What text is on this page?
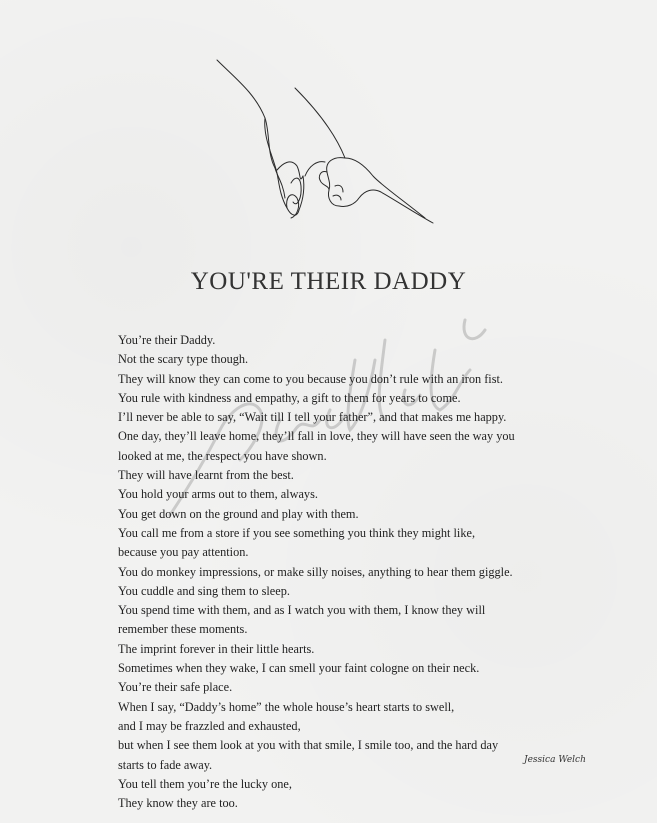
YOU'RE THEIR DADDY
You’re their Daddy.
Not the scary type though.
They will know they can come to you because you don’t rule with an iron fist.
You rule with kindness and empathy, a gift to them for years to come.
I’ll never be able to say, “Wait till I tell your father”, and that makes me happy.
One day, they’ll leave home, they’ll fall in love, they will have seen the way you
looked at me, the respect you have shown.
They will have learnt from the best.
You hold your arms out to them, always.
You get down on the ground and play with them.
You call me from a store if you see something you think they might like,
because you pay attention.
You do monkey impressions, or make silly noises, anything to hear them giggle.
You cuddle and sing them to sleep.
You spend time with them, and as I watch you with them, I know they will
remember these moments.
The imprint forever in their little hearts.
Sometimes when they wake, I can smell your faint cologne on their neck.
You’re their safe place.
When I say, “Daddy’s home” the whole house’s heart starts to swell,
and I may be frazzled and exhausted,
but when I see them look at you with that smile, I smile too, and the hard day
starts to fade away.
You tell them you’re the lucky one,
They know they are too.
Jessica Welch
